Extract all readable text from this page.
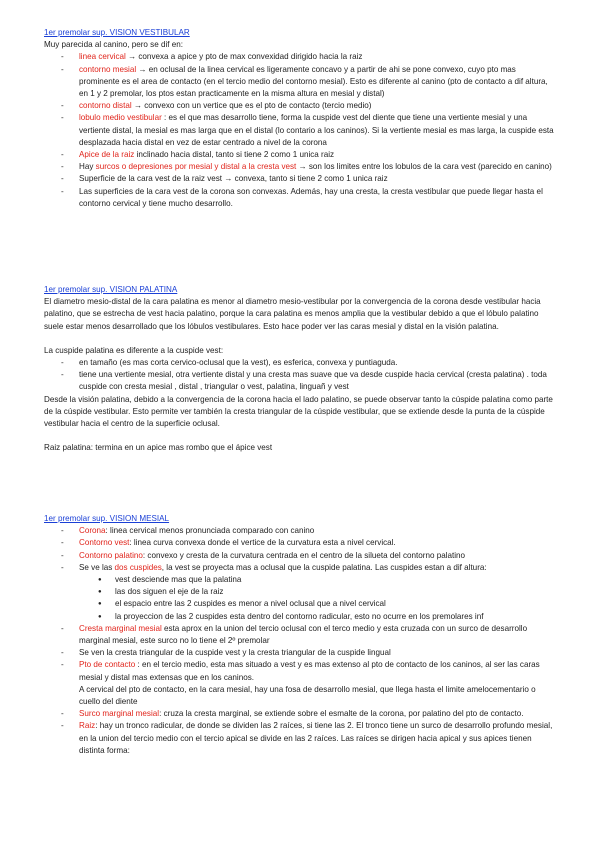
1er premolar sup. VISION VESTIBULAR

Muy parecida al canino, pero se dif en:

- linea cervical → convexa a apice y pto de max convexidad dirigido hacia la raiz
- contorno mesial → en oclusal de la linea cervical es ligeramente concavo y a partir de ahi se pone convexo, cuyo pto mas prominente es el area de contacto (en el tercio medio del contorno mesial). Esto es diferente al canino (pto de contacto a dif altura, en 1 y 2 premolar, los ptos estan practicamente en la misma altura en mesial y distal)
- contorno distal → convexo con un vertice que es el pto de contacto (tercio medio)
- lobulo medio vestibular : es el que mas desarrollo tiene, forma la cuspide vest del diente que tiene una vertiente mesial y una vertiente distal, la mesial es mas larga que en el distal (lo contario a los caninos). Si la vertiente mesial es mas larga, la cuspide esta desplazada hacia distal en vez de estar centrado a nivel de la corona
- Apice de la raiz inclinado hacia distal, tanto si tiene 2 como 1 unica raiz
- Hay surcos o depresiones por mesial y distal a la cresta vest → son los limites entre los lobulos de la cara vest (parecido en canino)
- Superficie de la cara vest de la raiz vest → convexa, tanto si tiene 2 como 1 unica raiz
- Las superficies de la cara vest de la corona son convexas. Además, hay una cresta, la cresta vestibular que puede llegar hasta el contorno cervical y tiene mucho desarrollo.

1er premolar sup. VISION PALATINA

El diametro mesio-distal de la cara palatina es menor al diametro mesio-vestibular por la convergencia de la corona desde vestibular hacia palatino, que se estrecha de vest hacia palatino, porque la cara palatina es menos amplia que la vestibular debido a que el lóbulo palatino suele estar menos desarrollado que los lóbulos vestibulares. Esto hace poder ver las caras mesial y distal en la visión palatina.

La cuspide palatina es diferente a la cuspide vest:

- en tamaño (es mas corta cervico-oclusal que la vest), es esferica, convexa y puntiaguda.
- tiene una vertiente mesial, otra vertiente distal y una cresta mas suave que va desde cuspide hacia cervical (cresta palatina) . toda cuspide con cresta mesial , distal , triangular o vest, palatina, linguañ y vest

Desde la visión palatina, debido a la convergencia de la corona hacia el lado palatino, se puede observar tanto la cúspide palatina como parte de la cúspide vestibular. Esto permite ver también la cresta triangular de la cúspide vestibular, que se extiende desde la punta de la cúspide vestibular hacia el centro de la superficie oclusal.

Raiz palatina: termina en un apice mas rombo que el ápice vest

1er premolar sup. VISION MESIAL

- Corona: linea cervical menos pronunciada comparado con canino
- Contorno vest: linea curva convexa donde el vertice de la curvatura esta a nivel cervical.
- Contorno palatino: convexo y cresta de la curvatura centrada en el centro de la silueta del contorno palatino
- Se ve las dos cuspides, la vest se proyecta mas a oclusal que la cuspide palatina. Las cuspides estan a dif altura:
● vest desciende mas que la palatina
● las dos siguen el eje de la raiz
● el espacio entre las 2 cuspides es menor a nivel oclusal que a nivel cervical
● la proyeccion de las 2 cuspides esta dentro del contorno radicular, esto no ocurre en los premolares inf
- Cresta marginal mesial esta aprox en la union del tercio oclusal con el terco medio y esta cruzada con un surco de desarrollo marginal mesial, este surco no lo tiene el 2º premolar
- Se ven la cresta triangular de la cuspide vest y la cresta triangular de la cuspide lingual
- Pto de contacto : en el tercio medio, esta mas situado a vest y es mas extenso al pto de contacto de los caninos, al ser las caras mesial y distal mas extensas que en los caninos.

A cervical del pto de contacto, en la cara mesial, hay una fosa de desarrollo mesial, que llega hasta el limite amelocementario o cuello del diente

- Surco marginal mesial: cruza la cresta marginal, se extiende sobre el esmalte de la corona, por palatino del pto de contacto.
- Raiz: hay un tronco radicular, de donde se dividen las 2 raíces, si tiene las 2. El tronco tiene un surco de desarrollo profundo mesial, en la union del tercio medio con el tercio apical se divide en las 2 raíces. Las raíces se dirigen hacia apical y sus apices tienen distinta forma:
